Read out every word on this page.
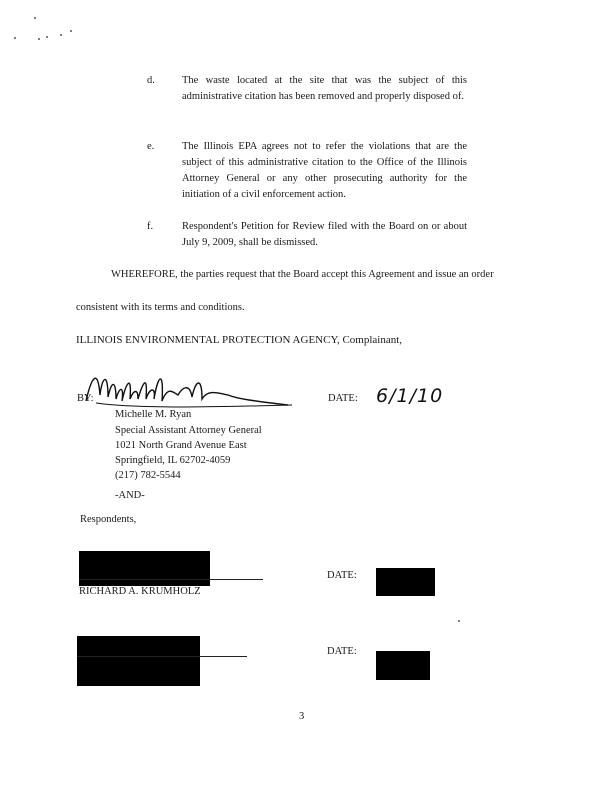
d.	The waste located at the site that was the subject of this administrative citation has been removed and properly disposed of.
e.	The Illinois EPA agrees not to refer the violations that are the subject of this administrative citation to the Office of the Illinois Attorney General or any other prosecuting authority for the initiation of a civil enforcement action.
f.	Respondent's Petition for Review filed with the Board on or about July 9, 2009, shall be dismissed.
WHEREFORE, the parties request that the Board accept this Agreement and issue an order
consistent with its terms and conditions.
ILLINOIS ENVIRONMENTAL PROTECTION AGENCY, Complainant,
BY:
Michelle M. Ryan
DATE: 6/1/10
Michelle M. Ryan
Special Assistant Attorney General
1021 North Grand Avenue East
Springfield, IL 62702-4059
(217) 782-5544
-AND-
Respondents,
RICHARD A. KRUMHOLZ
DATE:
DATE:
3
